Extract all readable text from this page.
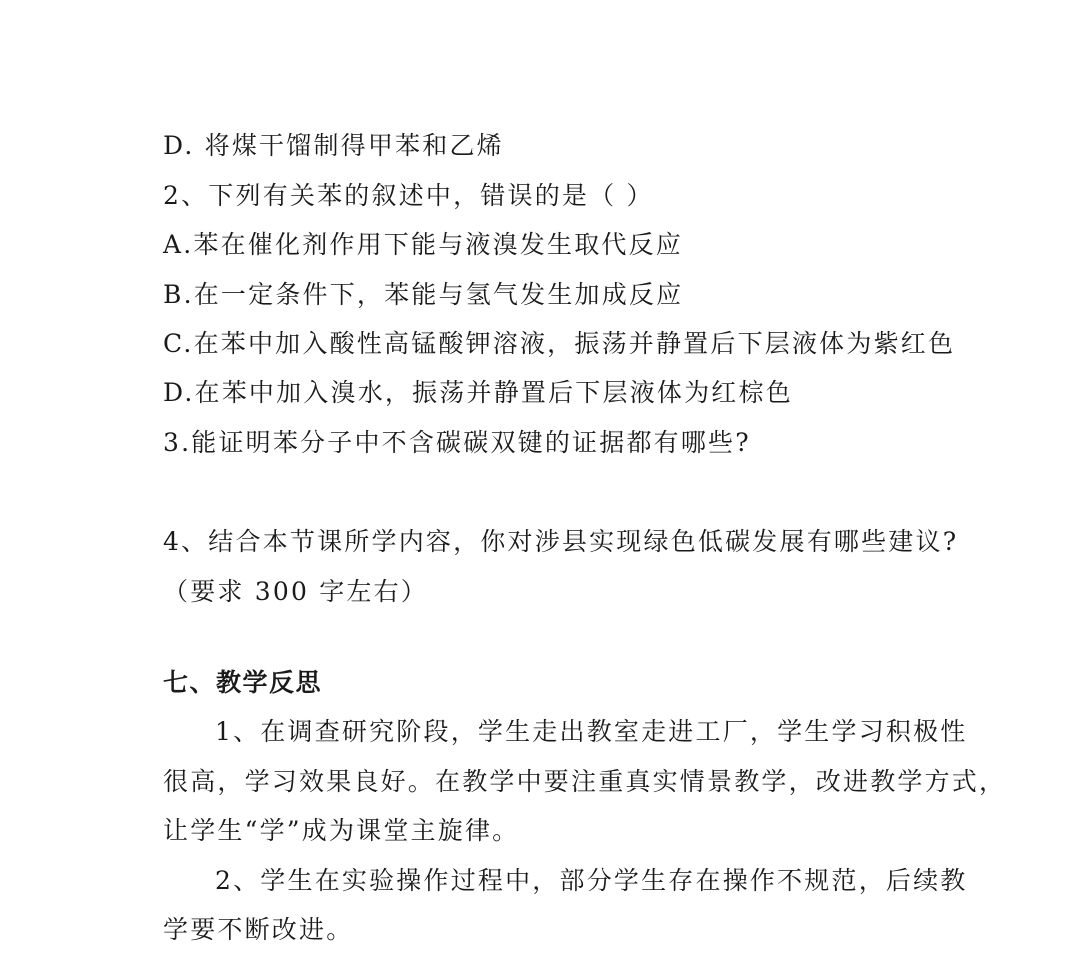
D. 将煤干馏制得甲苯和乙烯
2、下列有关苯的叙述中，错误的是（ ）
A.苯在催化剂作用下能与液溴发生取代反应
B.在一定条件下，苯能与氢气发生加成反应
C.在苯中加入酸性高锰酸钾溶液，振荡并静置后下层液体为紫红色
D.在苯中加入溴水，振荡并静置后下层液体为红棕色
3.能证明苯分子中不含碳碳双键的证据都有哪些?
4、结合本节课所学内容，你对涉县实现绿色低碳发展有哪些建议?
（要求 300 字左右）
七、教学反思
1、在调查研究阶段，学生走出教室走进工厂，学生学习积极性
很高，学习效果良好。在教学中要注重真实情景教学，改进教学方式，
让学生“学”成为课堂主旋律。
2、学生在实验操作过程中，部分学生存在操作不规范，后续教
学要不断改进。
